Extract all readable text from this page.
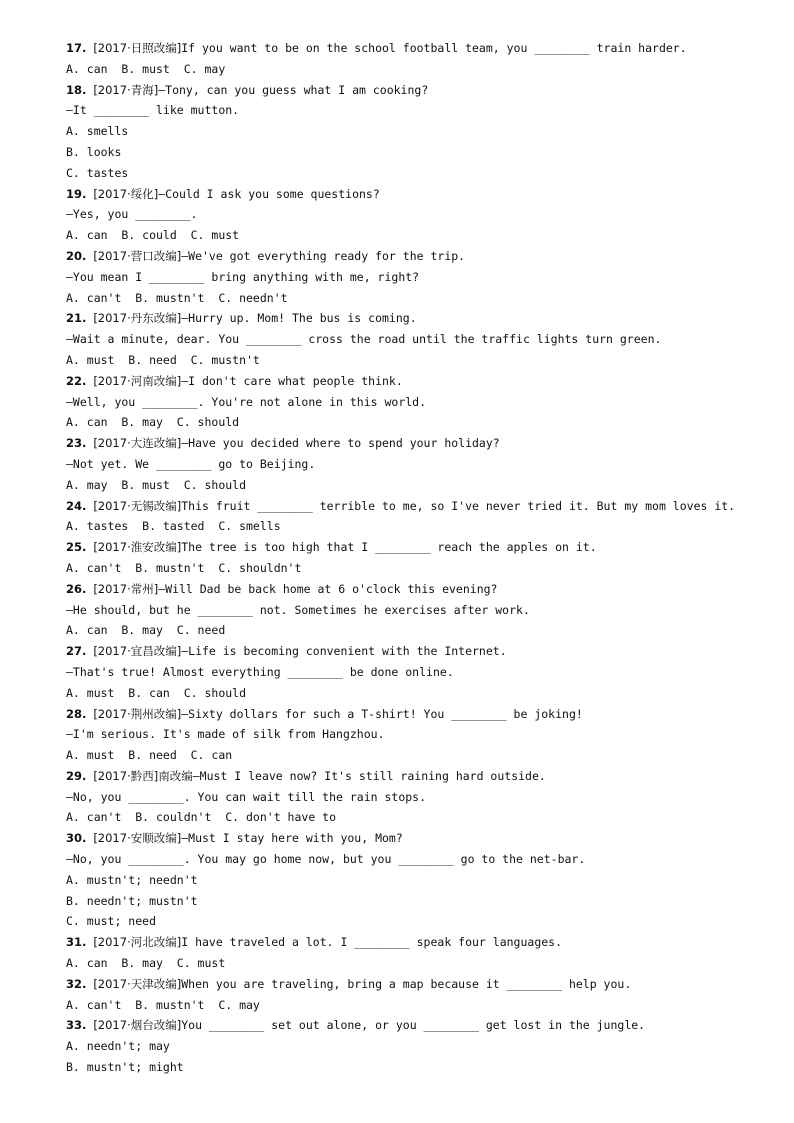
17. [2017·日照改编]If you want to be on the school football team, you ________ train harder.
A. can  B. must  C. may
18. [2017·青海]—Tony, can you guess what I am cooking?
—It ________ like mutton.
A. smells
B. looks
C. tastes
19. [2017·绥化]—Could I ask you some questions?
—Yes, you ________.
A. can  B. could  C. must
20. [2017·营口改编]—We've got everything ready for the trip.
—You mean I ________ bring anything with me, right?
A. can't  B. mustn't  C. needn't
21. [2017·丹东改编]—Hurry up. Mom! The bus is coming.
—Wait a minute, dear. You ________ cross the road until the traffic lights turn green.
A. must  B. need  C. mustn't
22. [2017·河南改编]—I don't care what people think.
—Well, you ________. You're not alone in this world.
A. can  B. may  C. should
23. [2017·大连改编]—Have you decided where to spend your holiday?
—Not yet. We ________ go to Beijing.
A. may  B. must  C. should
24. [2017·无锡改编]This fruit ________ terrible to me, so I've never tried it. But my mom loves it.
A. tastes  B. tasted  C. smells
25. [2017·淮安改编]The tree is too high that I ________ reach the apples on it.
A. can't  B. mustn't  C. shouldn't
26. [2017·常州]—Will Dad be back home at 6 o'clock this evening?
—He should, but he ________ not. Sometimes he exercises after work.
A. can  B. may  C. need
27. [2017·宜昌改编]—Life is becoming convenient with the Internet.
—That's true! Almost everything ________ be done online.
A. must  B. can  C. should
28. [2017·荆州改编]—Sixty dollars for such a T-shirt! You ________ be joking!
—I'm serious. It's made of silk from Hangzhou.
A. must  B. need  C. can
29. [2017·黔西]南改编—Must I leave now? It's still raining hard outside.
—No, you ________. You can wait till the rain stops.
A. can't  B. couldn't  C. don't have to
30. [2017·安顺改编]—Must I stay here with you, Mom?
—No, you ________. You may go home now, but you ________ go to the net-bar.
A. mustn't; needn't
B. needn't; mustn't
C. must; need
31. [2017·河北改编]I have traveled a lot. I ________ speak four languages.
A. can  B. may  C. must
32. [2017·天津改编]When you are traveling, bring a map because it ________ help you.
A. can't  B. mustn't  C. may
33. [2017·烟台改编]You ________ set out alone, or you ________ get lost in the jungle.
A. needn't; may
B. mustn't; might
